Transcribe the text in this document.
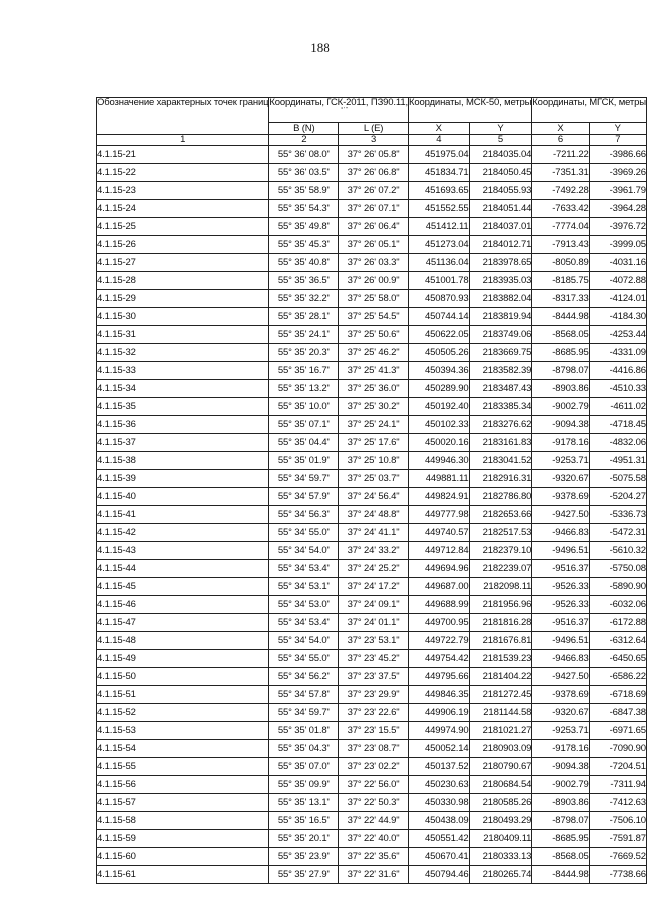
188
Обозначение характерных точек границ	Координаты, ГСК-2011, ПЗ90.11,
° ' "		Координаты, МСК-50, метры		Координаты, МГСК, метры	
	B (N)	L (E)	X	Y	X	Y
1	2	3	4	5	6	7
4.1.15-21	55° 36' 08.0"	37° 26' 05.8"	451975.04	2184035.04	-7211.22	-3986.66
4.1.15-22	55° 36' 03.5"	37° 26' 06.8"	451834.71	2184050.45	-7351.31	-3969.26
4.1.15-23	55° 35' 58.9"	37° 26' 07.2"	451693.65	2184055.93	-7492.28	-3961.79
4.1.15-24	55° 35' 54.3"	37° 26' 07.1"	451552.55	2184051.44	-7633.42	-3964.28
4.1.15-25	55° 35' 49.8"	37° 26' 06.4"	451412.11	2184037.01	-7774.04	-3976.72
4.1.15-26	55° 35' 45.3"	37° 26' 05.1"	451273.04	2184012.71	-7913.43	-3999.05
4.1.15-27	55° 35' 40.8"	37° 26' 03.3"	451136.04	2183978.65	-8050.89	-4031.16
4.1.15-28	55° 35' 36.5"	37° 26' 00.9"	451001.78	2183935.03	-8185.75	-4072.88
4.1.15-29	55° 35' 32.2"	37° 25' 58.0"	450870.93	2183882.04	-8317.33	-4124.01
4.1.15-30	55° 35' 28.1"	37° 25' 54.5"	450744.14	2183819.94	-8444.98	-4184.30
4.1.15-31	55° 35' 24.1"	37° 25' 50.6"	450622.05	2183749.06	-8568.05	-4253.44
4.1.15-32	55° 35' 20.3"	37° 25' 46.2"	450505.26	2183669.75	-8685.95	-4331.09
4.1.15-33	55° 35' 16.7"	37° 25' 41.3"	450394.36	2183582.39	-8798.07	-4416.86
4.1.15-34	55° 35' 13.2"	37° 25' 36.0"	450289.90	2183487.43	-8903.86	-4510.33
4.1.15-35	55° 35' 10.0"	37° 25' 30.2"	450192.40	2183385.34	-9002.79	-4611.02
4.1.15-36	55° 35' 07.1"	37° 25' 24.1"	450102.33	2183276.62	-9094.38	-4718.45
4.1.15-37	55° 35' 04.4"	37° 25' 17.6"	450020.16	2183161.83	-9178.16	-4832.06
4.1.15-38	55° 35' 01.9"	37° 25' 10.8"	449946.30	2183041.52	-9253.71	-4951.31
4.1.15-39	55° 34' 59.7"	37° 25' 03.7"	449881.11	2182916.31	-9320.67	-5075.58
4.1.15-40	55° 34' 57.9"	37° 24' 56.4"	449824.91	2182786.80	-9378.69	-5204.27
4.1.15-41	55° 34' 56.3"	37° 24' 48.8"	449777.98	2182653.66	-9427.50	-5336.73
4.1.15-42	55° 34' 55.0"	37° 24' 41.1"	449740.57	2182517.53	-9466.83	-5472.31
4.1.15-43	55° 34' 54.0"	37° 24' 33.2"	449712.84	2182379.10	-9496.51	-5610.32
4.1.15-44	55° 34' 53.4"	37° 24' 25.2"	449694.96	2182239.07	-9516.37	-5750.08
4.1.15-45	55° 34' 53.1"	37° 24' 17.2"	449687.00	2182098.11	-9526.33	-5890.90
4.1.15-46	55° 34' 53.0"	37° 24' 09.1"	449688.99	2181956.96	-9526.33	-6032.06
4.1.15-47	55° 34' 53.4"	37° 24' 01.1"	449700.95	2181816.28	-9516.37	-6172.88
4.1.15-48	55° 34' 54.0"	37° 23' 53.1"	449722.79	2181676.81	-9496.51	-6312.64
4.1.15-49	55° 34' 55.0"	37° 23' 45.2"	449754.42	2181539.23	-9466.83	-6450.65
4.1.15-50	55° 34' 56.2"	37° 23' 37.5"	449795.66	2181404.22	-9427.50	-6586.22
4.1.15-51	55° 34' 57.8"	37° 23' 29.9"	449846.35	2181272.45	-9378.69	-6718.69
4.1.15-52	55° 34' 59.7"	37° 23' 22.6"	449906.19	2181144.58	-9320.67	-6847.38
4.1.15-53	55° 35' 01.8"	37° 23' 15.5"	449974.90	2181021.27	-9253.71	-6971.65
4.1.15-54	55° 35' 04.3"	37° 23' 08.7"	450052.14	2180903.09	-9178.16	-7090.90
4.1.15-55	55° 35' 07.0"	37° 23' 02.2"	450137.52	2180790.67	-9094.38	-7204.51
4.1.15-56	55° 35' 09.9"	37° 22' 56.0"	450230.63	2180684.54	-9002.79	-7311.94
4.1.15-57	55° 35' 13.1"	37° 22' 50.3"	450330.98	2180585.26	-8903.86	-7412.63
4.1.15-58	55° 35' 16.5"	37° 22' 44.9"	450438.09	2180493.29	-8798.07	-7506.10
4.1.15-59	55° 35' 20.1"	37° 22' 40.0"	450551.42	2180409.11	-8685.95	-7591.87
4.1.15-60	55° 35' 23.9"	37° 22' 35.6"	450670.41	2180333.13	-8568.05	-7669.52
4.1.15-61	55° 35' 27.9"	37° 22' 31.6"	450794.46	2180265.74	-8444.98	-7738.66
